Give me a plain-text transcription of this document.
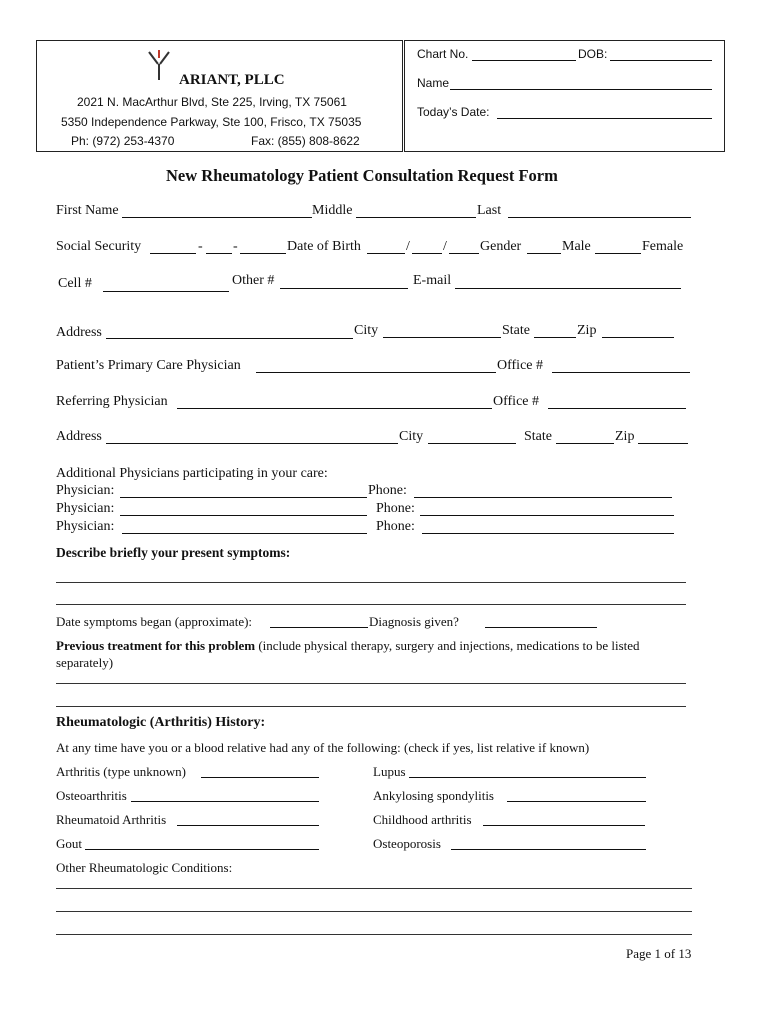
ARIANT, PLLC
2021 N. MacArthur Blvd, Ste 225, Irving, TX 75061
5350 Independence Parkway, Ste 100, Frisco, TX 75035
Ph: (972) 253-4370	Fax: (855) 808-8622
Chart No.	DOB:
Name
Today’s Date:
New Rheumatology Patient Consultation Request Form
First Name	Middle	Last
Social Security	- -	Date of Birth	/ / Gender	Male	Female
Cell #	Other #	E-mail
Address	City	State	Zip
Patient’s Primary Care Physician	Office #
Referring Physician	Office #
Address	City	State	Zip
Additional Physicians participating in your care:
Physician:	Phone:
Physician:	Phone:
Physician:	Phone:
Describe briefly your present symptoms:
Date symptoms began (approximate):	Diagnosis given?
Previous treatment for this problem (include physical therapy, surgery and injections, medications to be listed
separately)
Rheumatologic (Arthritis) History:
At any time have you or a blood relative had any of the following: (check if yes, list relative if known)
Arthritis (type unknown)	Lupus
Osteoarthritis	Ankylosing spondylitis
Rheumatoid Arthritis	Childhood arthritis
Gout	Osteoporosis
Other Rheumatologic Conditions:
Page 1 of 13
